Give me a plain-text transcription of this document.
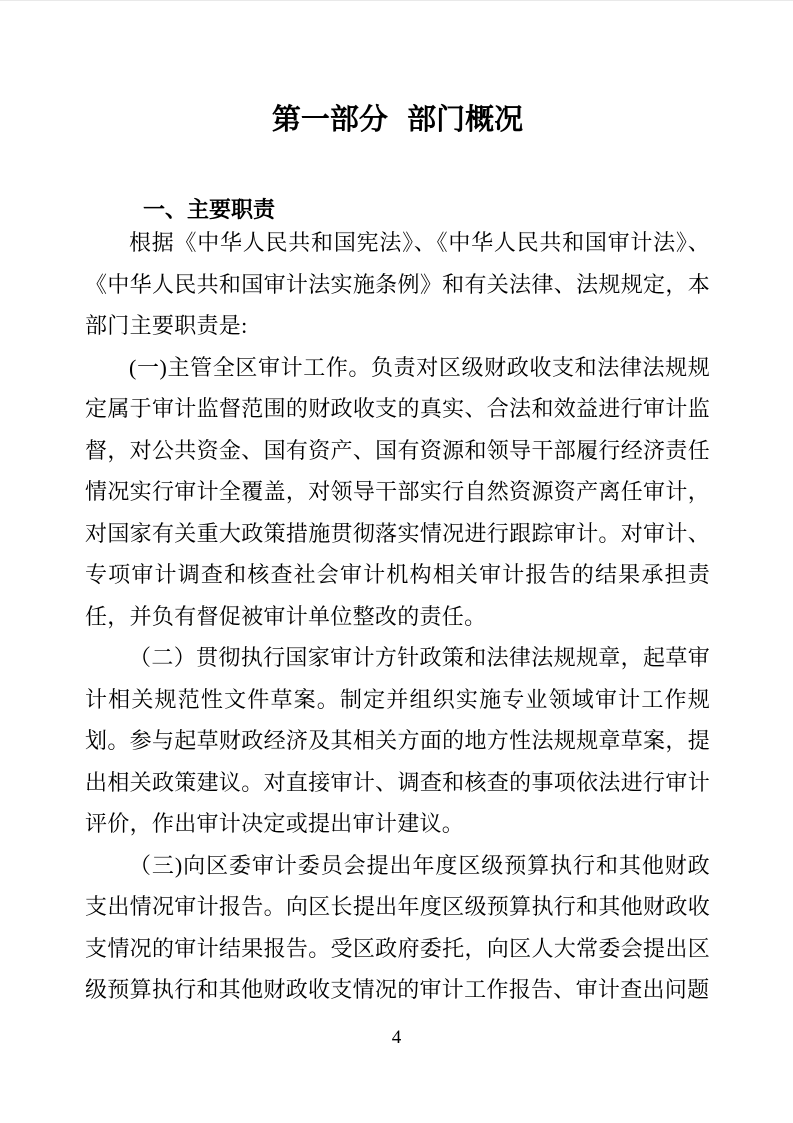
第一部分 部门概况
一、主要职责

根据《中华人民共和国宪法》、《中华人民共和国审计法》、《中华人民共和国审计法实施条例》和有关法律、法规规定，本部门主要职责是:

(一)主管全区审计工作。负责对区级财政收支和法律法规规定属于审计监督范围的财政收支的真实、合法和效益进行审计监督，对公共资金、国有资产、国有资源和领导干部履行经济责任情况实行审计全覆盖，对领导干部实行自然资源资产离任审计，对国家有关重大政策措施贯彻落实情况进行跟踪审计。对审计、专项审计调查和核查社会审计机构相关审计报告的结果承担责任，并负有督促被审计单位整改的责任。

（二）贯彻执行国家审计方针政策和法律法规规章，起草审计相关规范性文件草案。制定并组织实施专业领域审计工作规划。参与起草财政经济及其相关方面的地方性法规规章草案，提出相关政策建议。对直接审计、调查和核查的事项依法进行审计评价，作出审计决定或提出审计建议。

（三)向区委审计委员会提出年度区级预算执行和其他财政支出情况审计报告。向区长提出年度区级预算执行和其他财政收支情况的审计结果报告。受区政府委托，向区人大常委会提出区级预算执行和其他财政收支情况的审计工作报告、审计查出问题

4
